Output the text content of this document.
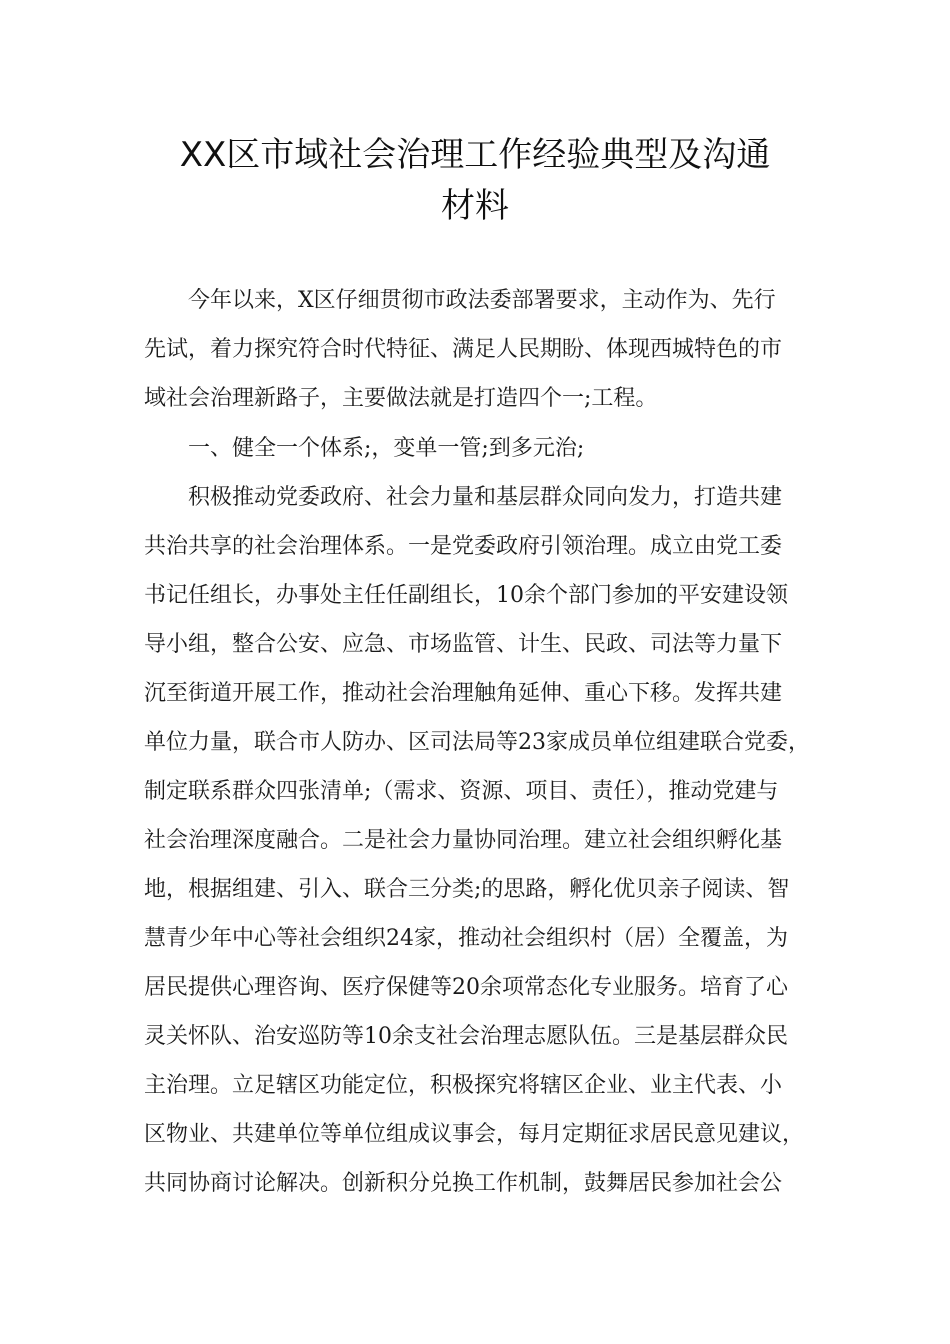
XX区市域社会治理工作经验典型及沟通
材料
今年以来，X区仔细贯彻市政法委部署要求，主动作为、先行
先试，着力探究符合时代特征、满足人民期盼、体现西城特色的市
域社会治理新路子，主要做法就是打造四个一;工程。
一、健全一个体系;，变单一管;到多元治;
积极推动党委政府、社会力量和基层群众同向发力，打造共建
共治共享的社会治理体系。一是党委政府引领治理。成立由党工委
书记任组长，办事处主任任副组长，10余个部门参加的平安建设领
导小组，整合公安、应急、市场监管、计生、民政、司法等力量下
沉至街道开展工作，推动社会治理触角延伸、重心下移。发挥共建
单位力量，联合市人防办、区司法局等23家成员单位组建联合党委，
制定联系群众四张清单;（需求、资源、项目、责任），推动党建与
社会治理深度融合。二是社会力量协同治理。建立社会组织孵化基
地，根据组建、引入、联合三分类;的思路，孵化优贝亲子阅读、智
慧青少年中心等社会组织24家，推动社会组织村（居）全覆盖，为
居民提供心理咨询、医疗保健等20余项常态化专业服务。培育了心
灵关怀队、治安巡防等10余支社会治理志愿队伍。三是基层群众民
主治理。立足辖区功能定位，积极探究将辖区企业、业主代表、小
区物业、共建单位等单位组成议事会，每月定期征求居民意见建议，
共同协商讨论解决。创新积分兑换工作机制，鼓舞居民参加社会公
